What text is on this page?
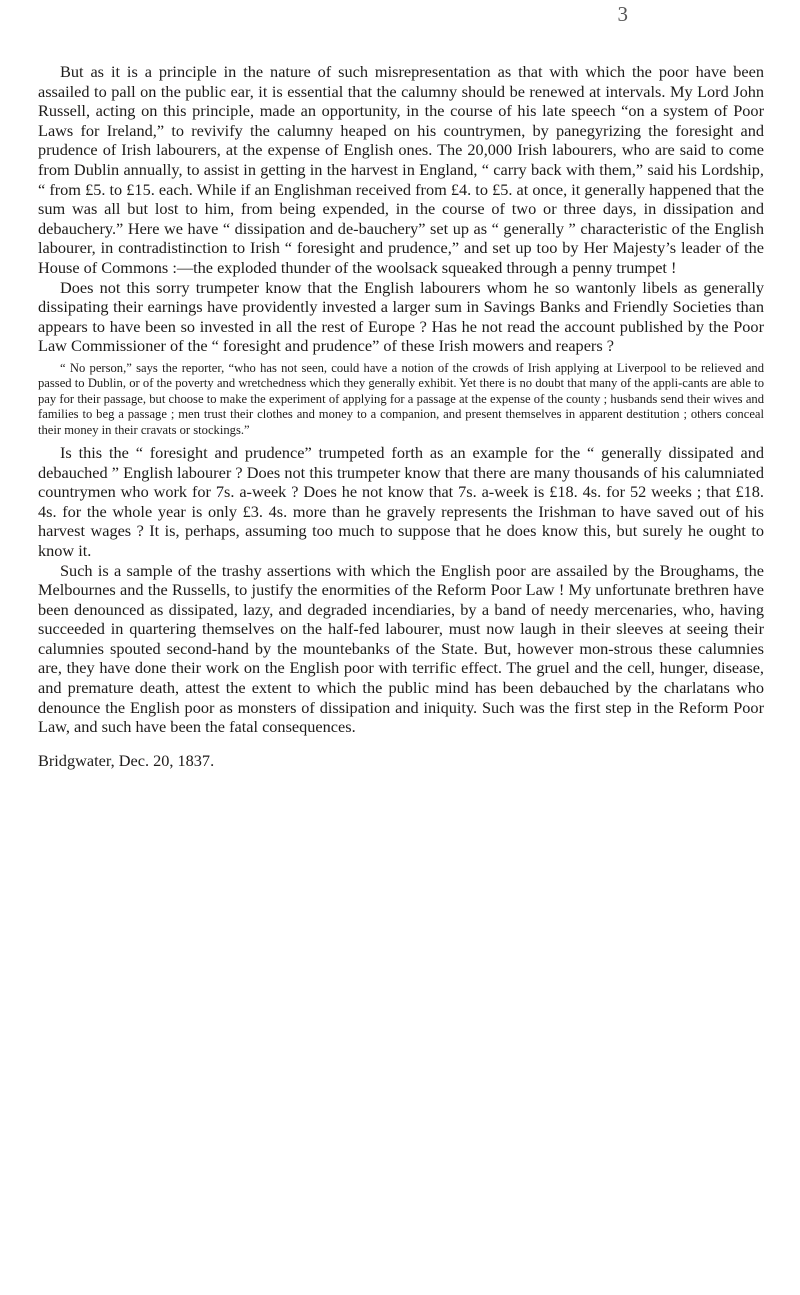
3

But as it is a principle in the nature of such misrepresentation as that with which the poor have been assailed to pall on the public ear, it is essential that the calumny should be renewed at intervals. My Lord John Russell, acting on this principle, made an opportunity, in the course of his late speech “on a system of Poor Laws for Ireland,” to revivify the calumny heaped on his countrymen, by panegyrizing the foresight and prudence of Irish labourers, at the expense of English ones. The 20,000 Irish labourers, who are said to come from Dublin annually, to assist in getting in the harvest in England, “ carry back with them,” said his Lordship, “ from £5. to £15. each. While if an Englishman received from £4. to £5. at once, it generally happened that the sum was all but lost to him, from being expended, in the course of two or three days, in dissipation and debauchery.” Here we have “ dissipation and de-bauchery” set up as “ generally ” characteristic of the English labourer, in contradistinction to Irish “ foresight and prudence,” and set up too by Her Majesty’s leader of the House of Commons :—the exploded thunder of the woolsack squeaked through a penny trumpet !

Does not this sorry trumpeter know that the English labourers whom he so wantonly libels as generally dissipating their earnings have providently invested a larger sum in Savings Banks and Friendly Societies than appears to have been so invested in all the rest of Europe ? Has he not read the account published by the Poor Law Commissioner of the “ foresight and prudence” of these Irish mowers and reapers ?

“ No person,” says the reporter, “who has not seen, could have a notion of the crowds of Irish applying at Liverpool to be relieved and passed to Dublin, or of the poverty and wretchedness which they generally exhibit. Yet there is no doubt that many of the appli-cants are able to pay for their passage, but choose to make the experiment of applying for a passage at the expense of the county ; husbands send their wives and families to beg a passage ; men trust their clothes and money to a companion, and present themselves in apparent destitution ; others conceal their money in their cravats or stockings.”

Is this the “ foresight and prudence” trumpeted forth as an example for the “ generally dissipated and debauched ” English labourer ? Does not this trumpeter know that there are many thousands of his calumniated countrymen who work for 7s. a-week ? Does he not know that 7s. a-week is £18. 4s. for 52 weeks ; that £18. 4s. for the whole year is only £3. 4s. more than he gravely represents the Irishman to have saved out of his harvest wages ? It is, perhaps, assuming too much to suppose that he does know this, but surely he ought to know it.

Such is a sample of the trashy assertions with which the English poor are assailed by the Broughams, the Melbournes and the Russells, to justify the enormities of the Reform Poor Law ! My unfortunate brethren have been denounced as dissipated, lazy, and degraded incendiaries, by a band of needy mercenaries, who, having succeeded in quartering themselves on the half-fed labourer, must now laugh in their sleeves at seeing their calumnies spouted second-hand by the mountebanks of the State. But, however mon-strous these calumnies are, they have done their work on the English poor with terrific effect. The gruel and the cell, hunger, disease, and premature death, attest the extent to which the public mind has been debauched by the charlatans who denounce the English poor as monsters of dissipation and iniquity. Such was the first step in the Reform Poor Law, and such have been the fatal consequences.

Bridgwater, Dec. 20, 1837.
